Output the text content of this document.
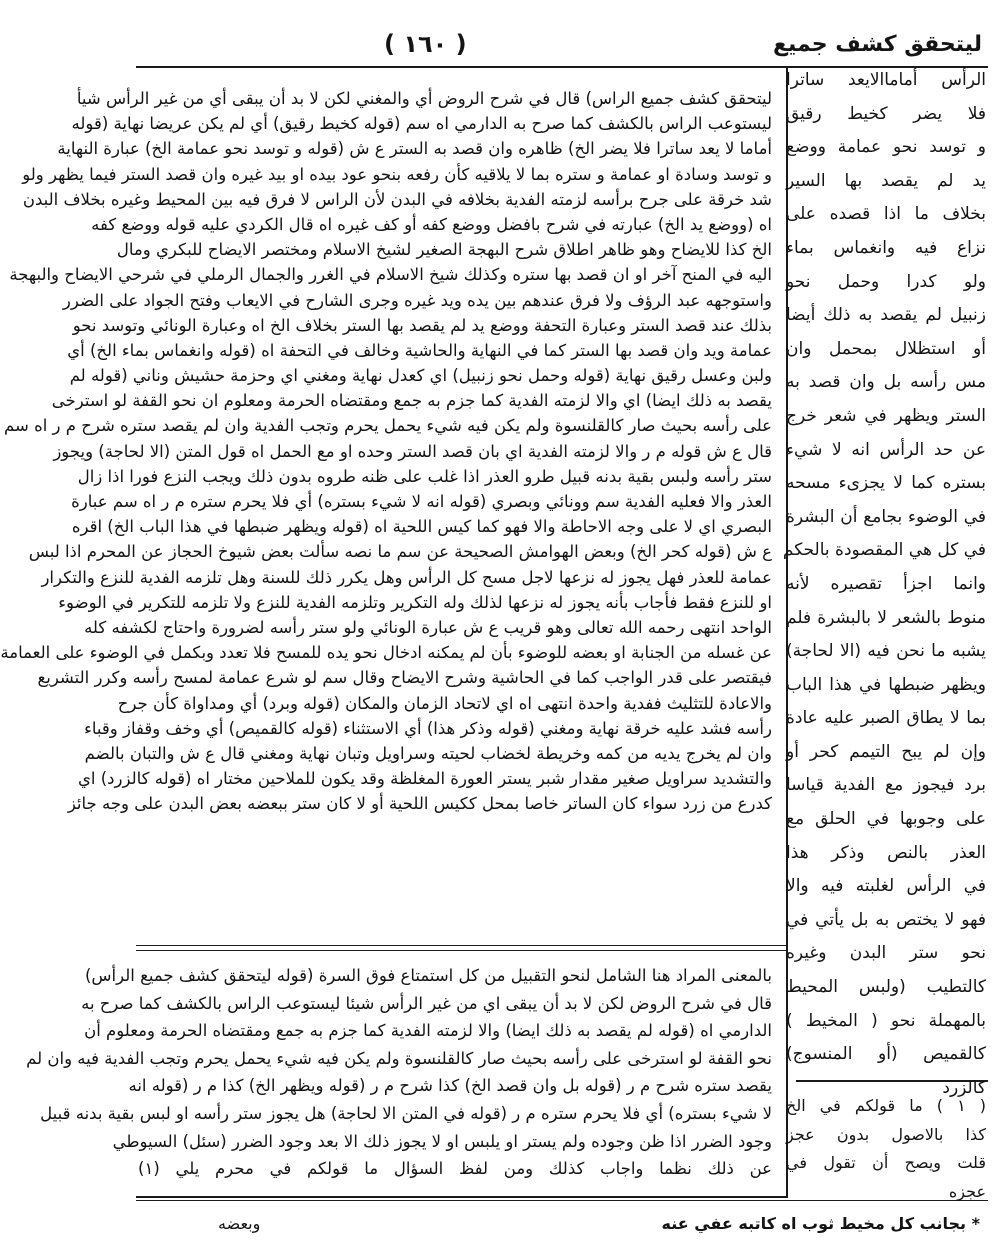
ليتحقق كشف جميع
( ١٦٠ )
الرأس أماماالايعد ساترا
فلا يضر كخيط رقيق
و توسد نحو عمامة ووضع
يد لم يقصد بها السير
بخلاف ما اذا قصده على
نزاع فيه وانغماس بماء
ولو كدرا وحمل نحو
زنبيل لم يقصد به ذلك أيضا
أو استظلال بمحمل وان
مس رأسه بل وان قصد به
الستر ويظهر في شعر خرج
عن حد الرأس انه لا شيء
بستره كما لا يجزىء مسحه
في الوضوء بجامع أن البشرة
في كل هي المقصودة بالحكم
وانما اجزأ تقصيره لأنه
منوط بالشعر لا بالبشرة فلم
يشبه ما نحن فيه (الا لحاجة)
ويظهر ضبطها في هذا الباب
بما لا يطاق الصبر عليه عادة
وإن لم يبح التيمم كحر أو
برد فيجوز مع الفدية قياسا
على وجوبها في الحلق مع
العذر بالنص وذكر هذا
في الرأس لغلبته فيه والا
فهو لا يختص به بل يأتي في
نحو ستر البدن وغيره
كالتطيب (ولبس المحيط
بالمهملة نحو ( المخيط )
كالقميص (أو المنسوج)
كالزرد
ليتحقق كشف جميع الراس) قال في شرح الروض أي والمغني لكن لا بد أن يبقى أي من غير الرأس شيأ
ليستوعب الراس بالكشف كما صرح به الدارمي اه سم (قوله كخيط رقيق) أي لم يكن عريضا نهاية (قوله
أماما لا يعد ساترا فلا يضر الخ) ظاهره وان قصد به الستر ع ش (قوله و توسد نحو عمامة الخ) عبارة النهاية
و توسد وسادة او عمامة و ستره بما لا يلاقيه كأن رفعه بنحو عود بيده او بيد غيره وان قصد الستر فيما يظهر ولو
شد خرقة على جرح برأسه لزمته الفدية بخلافه في البدن لأن الراس لا فرق فيه بين المحيط وغيره بخلاف البدن
اه (ووضع يد الخ) عبارته في شرح بافضل ووضع كفه أو كف غيره اه قال الكردي عليه قوله ووضع كفه
الخ كذا للايضاح وهو ظاهر اطلاق شرح البهجة الصغير لشيخ الاسلام ومختصر الايضاح للبكري ومال
اليه في المنح آخر او ان قصد بها ستره وكذلك شيخ الاسلام في الغرر والجمال الرملي في شرحي الايضاح والبهجة
واستوجهه عبد الرؤف ولا فرق عندهم بين يده ويد غيره وجرى الشارح في الايعاب وفتح الجواد على الضرر
بذلك عند قصد الستر وعبارة التحفة ووضع يد لم يقصد بها الستر بخلاف الخ اه وعبارة الونائي وتوسد نحو
عمامة ويد وان قصد بها الستر كما في النهاية والحاشية وخالف في التحفة اه (قوله وانغماس بماء الخ) أي
ولبن وعسل رقيق نهاية (قوله وحمل نحو زنبيل) اي كعدل نهاية ومغني اي وحزمة حشيش وناني (قوله لم
يقصد به ذلك ايضا) اي والا لزمته الفدية كما جزم به جمع ومقتضاه الحرمة ومعلوم ان نحو القفة لو استرخى
على رأسه بحيث صار كالقلنسوة ولم يكن فيه شيء يحمل يحرم وتجب الفدية وان لم يقصد ستره شرح م ر اه سم
قال ع ش قوله م ر والا لزمته الفدية اي بان قصد الستر وحده او مع الحمل اه قول المتن (الا لحاجة) ويجوز
ستر رأسه ولبس بقية بدنه قبيل طرو العذر اذا غلب على ظنه طروه بدون ذلك ويجب النزع فورا اذا زال
العذر والا فعليه الفدية سم وونائي وبصري (قوله انه لا شيء بستره) أي فلا يحرم ستره م ر اه سم عبارة
البصري اي لا على وجه الاحاطة والا فهو كما كيس اللحية اه (قوله ويظهر ضبطها في هذا الباب الخ) اقره
ع ش (قوله كحر الخ) وبعض الهوامش الصحيحة عن سم ما نصه سألت بعض شيوخ الحجاز عن المحرم اذا لبس
عمامة للعذر فهل يجوز له نزعها لاجل مسح كل الرأس وهل يكرر ذلك للسنة وهل تلزمه الفدية للنزع والتكرار
او للنزع فقط فأجاب بأنه يجوز له نزعها لذلك وله التكرير وتلزمه الفدية للنزع ولا تلزمه للتكرير في الوضوء
الواحد انتهى رحمه الله تعالى وهو قريب ع ش عبارة الونائي ولو ستر رأسه لضرورة واحتاج لكشفه كله
عن غسله من الجنابة او بعضه للوضوء بأن لم يمكنه ادخال نحو يده للمسح فلا تعدد وبكمل في الوضوء على العمامة
فيقتصر على قدر الواجب كما في الحاشية وشرح الايضاح وقال سم لو شرع عمامة لمسح رأسه وكرر التشريع
والاعادة للتثليث ففدية واحدة انتهى اه اي لاتحاد الزمان والمكان (قوله وبرد) أي ومداواة كأن جرح
رأسه فشد عليه خرقة نهاية ومغني (قوله وذكر هذا) أي الاستثناء (قوله كالقميص) أي وخف وقفاز وقباء
وان لم يخرج يديه من كمه وخريطة لخضاب لحيته وسراويل وتبان نهاية ومغني قال ع ش والتبان بالضم
والتشديد سراويل صغير مقدار شبر يستر العورة المغلظة وقد يكون للملاحين مختار اه (قوله كالزرد) اي
كدرع من زرد سواء كان الساتر خاصا بمحل ككيس اللحية أو لا كان ستر ببعضه بعض البدن على وجه جائز
بالمعنى المراد هنا الشامل لنحو التقبيل من كل استمتاع فوق السرة (قوله ليتحقق كشف جميع الرأس)
قال في شرح الروض لكن لا بد أن يبقى اي من غير الرأس شيئا ليستوعب الراس بالكشف كما صرح به
الدارمي اه (قوله لم يقصد به ذلك ايضا) والا لزمته الفدية كما جزم به جمع ومقتضاه الحرمة ومعلوم أن
نحو القفة لو استرخى على رأسه بحيث صار كالقلنسوة ولم يكن فيه شيء يحمل يحرم وتجب الفدية فيه وان لم
يقصد ستره شرح م ر (قوله بل وان قصد الخ) كذا شرح م ر (قوله ويظهر الخ) كذا م ر (قوله انه
لا شيء بستره) أي فلا يحرم ستره م ر (قوله في المتن الا لحاجة) هل يجوز ستر رأسه او لبس بقية بدنه قبيل
وجود الضرر اذا ظن وجوده ولم يستر او يلبس او لا يجوز ذلك الا بعد وجود الضرر (سئل) السيوطي
عن ذلك نظما واجاب كذلك ومن لفظ السؤال ما قولكم في محرم يلي (١)
( ١ ) ما قولكم في الخ
كذا بالاصول بدون عجز
قلت ويصح أن تقول في
عجزه
* بجانب كل مخيط ثوب اه كاتبه عفي عنه
وبعضه
